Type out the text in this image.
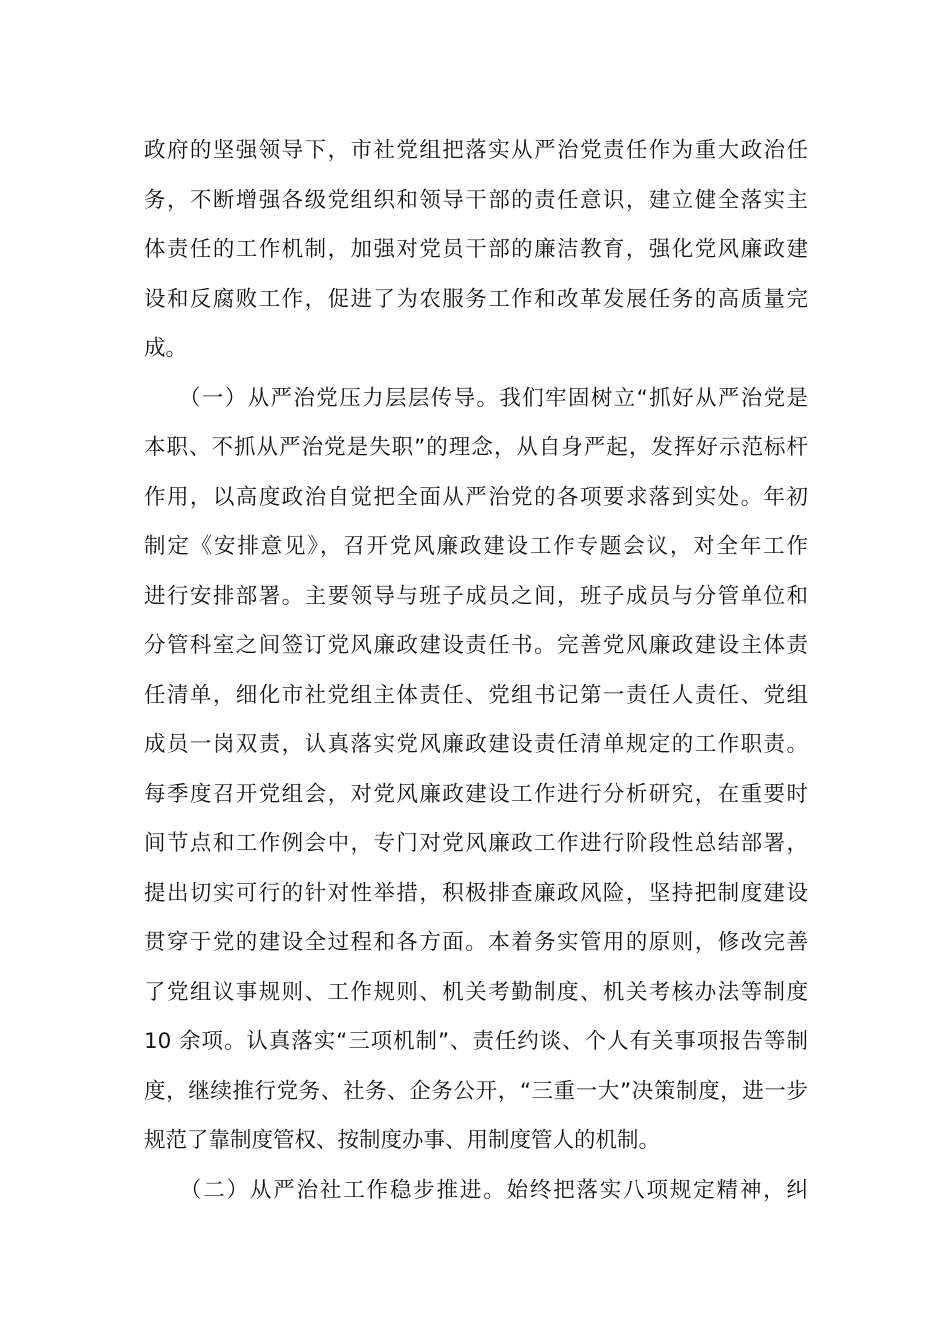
政府的坚强领导下，市社党组把落实从严治党责任作为重大政治任
务，不断增强各级党组织和领导干部的责任意识，建立健全落实主
体责任的工作机制，加强对党员干部的廉洁教育，强化党风廉政建
设和反腐败工作，促进了为农服务工作和改革发展任务的高质量完
成。
　　（一）从严治党压力层层传导。我们牢固树立“抓好从严治党是
本职、不抓从严治党是失职”的理念，从自身严起，发挥好示范标杆
作用，以高度政治自觉把全面从严治党的各项要求落到实处。年初
制定《安排意见》，召开党风廉政建设工作专题会议，对全年工作
进行安排部署。主要领导与班子成员之间，班子成员与分管单位和
分管科室之间签订党风廉政建设责任书。完善党风廉政建设主体责
任清单，细化市社党组主体责任、党组书记第一责任人责任、党组
成员一岗双责，认真落实党风廉政建设责任清单规定的工作职责。
每季度召开党组会，对党风廉政建设工作进行分析研究，在重要时
间节点和工作例会中，专门对党风廉政工作进行阶段性总结部署，
提出切实可行的针对性举措，积极排查廉政风险，坚持把制度建设
贯穿于党的建设全过程和各方面。本着务实管用的原则，修改完善
了党组议事规则、工作规则、机关考勤制度、机关考核办法等制度
10 余项。认真落实“三项机制”、责任约谈、个人有关事项报告等制
度，继续推行党务、社务、企务公开，“三重一大”决策制度，进一步
规范了靠制度管权、按制度办事、用制度管人的机制。
　　（二）从严治社工作稳步推进。始终把落实八项规定精神，纠
